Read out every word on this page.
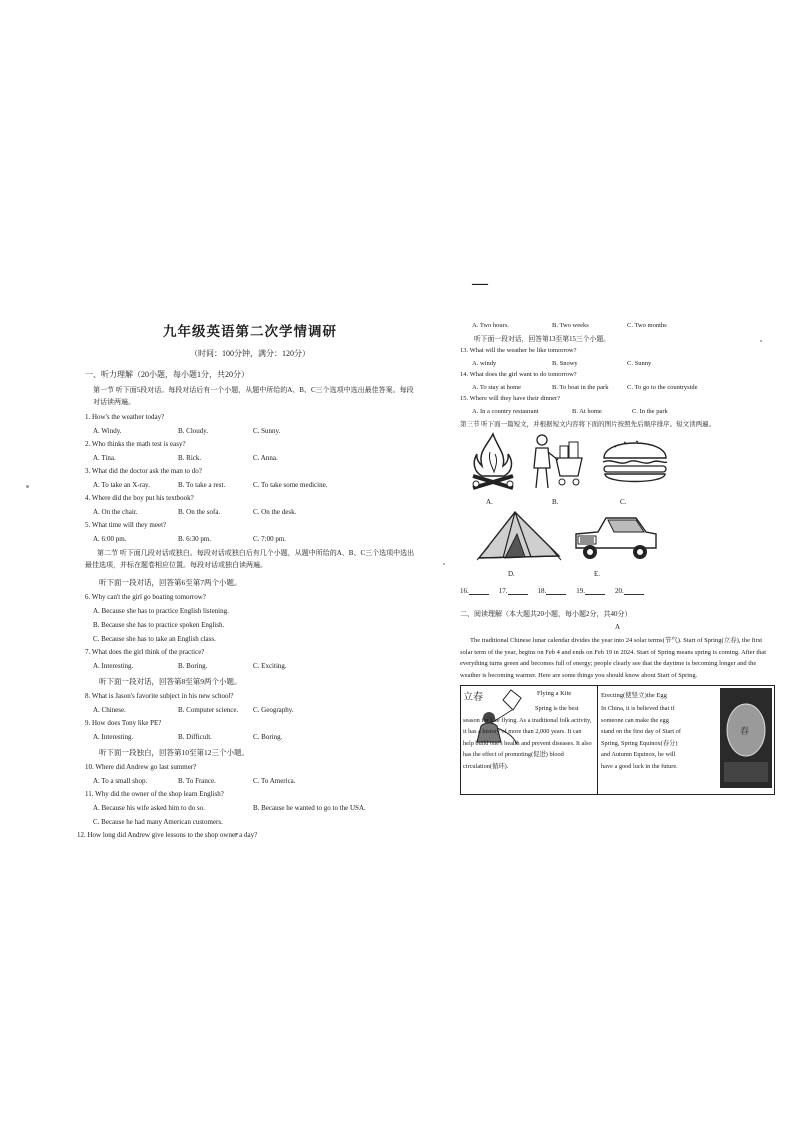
—
九年级英语第二次学情调研
（时间：100分钟，满分：120分）
一、听力理解（20小题，每小题1分，共20分）
第一节 听下面5段对话。每段对话后有一个小题，从题中所给的A、B、C三个选项中选出最佳答案。每段对话读两遍。
1. How's the weather today?
A. Windy.	B. Cloudy.	C. Sunny.
2. Who thinks the math test is easy?
A. Tina.	B. Rick.	C. Anna.
3. What did the doctor ask the man to do?
A. To take an X-ray.	B. To take a rest.	C. To take some medicine.
4. Where did the boy put his textbook?
A. On the chair.	B. On the sofa.	C. On the desk.
5. What time will they meet?
A. 6:00 pm.	B. 6:30 pm.	C. 7:00 pm.
第二节 听下面几段对话或独白。每段对话或独白后有几个小题，从题中所给的A、B、C三个选项中选出最佳选项，并标在题卷相应位置。每段对话或独白读两遍。
听下面一段对话，回答第6至第7两个小题。
6. Why can't the girl go boating tomorrow?
A. Because she has to practice English listening.
B. Because she has to practice spoken English.
C. Because she has to take an English class.
7. What does the girl think of the practice?
A. Interesting.	B. Boring.	C. Exciting.
听下面一段对话，回答第8至第9两个小题。
8. What is Jason's favorite subject in his new school?
A. Chinese.	B. Computer science.	C. Geography.
9. How does Tony like PE?
A. Interesting.	B. Difficult.	C. Boring.
听下面一段独白，回答第10至第12三个小题。
10. Where did Andrew go last summer?
A. To a small shop.	B. To France.	C. To America.
11. Why did the owner of the shop learn English?
A. Because his wife asked him to do so.	B. Because he wanted to go to the USA.
C. Because he had many American customers.
12. How long did Andrew give lessons to the shop owner a day?
A. Two hours.	B. Two weeks	C. Two months
听下面一段对话，回答第13至第15三个小题。
13. What will the weather be like tomorrow?
A. windy	B. Snowy	C. Sunny
14. What does the girl want to do tomorrow?
A. To stay at home	B. To boat in the park	C. To go to the countryside
15. Where will they have their dinner?
A. In a country restaurant	B. At home	C. In the park
第三节 听下面一篇短文，并根据短文内容将下面的图片按照先后顺序排序。短文读两遍。
A.	B.	C.
D.	E.
16.	17.	18.	19.	20.
二、阅读理解（本大题共20小题，每小题2分，共40分）
A
The traditional Chinese lunar calendar divides the year into 24 solar terms(节气). Start of Spring(立春), the first solar term of the year, begins on Feb 4 and ends on Feb 19 in 2024. Start of Spring means spring is coming. After that everything turns green and becomes full of energy; people clearly see that the daytime is becoming longer and the weather is becoming warmer. Here are some things you should know about Start of Spring.
立春	Flying a Kite
Spring is the best season for kite flying. As a traditional folk activity, it has a history of more than 2,000 years. It can help build one's health and prevent diseases. It also has the effect of promoting(促进) blood circulation(循环).
Erecting(使竖立)the Egg
In China, it is believed that if someone can make the egg stand on the first day of Start of Spring, Spring Equinox(春分) and Autumn Equinox, he will have a good luck in the future.
春
